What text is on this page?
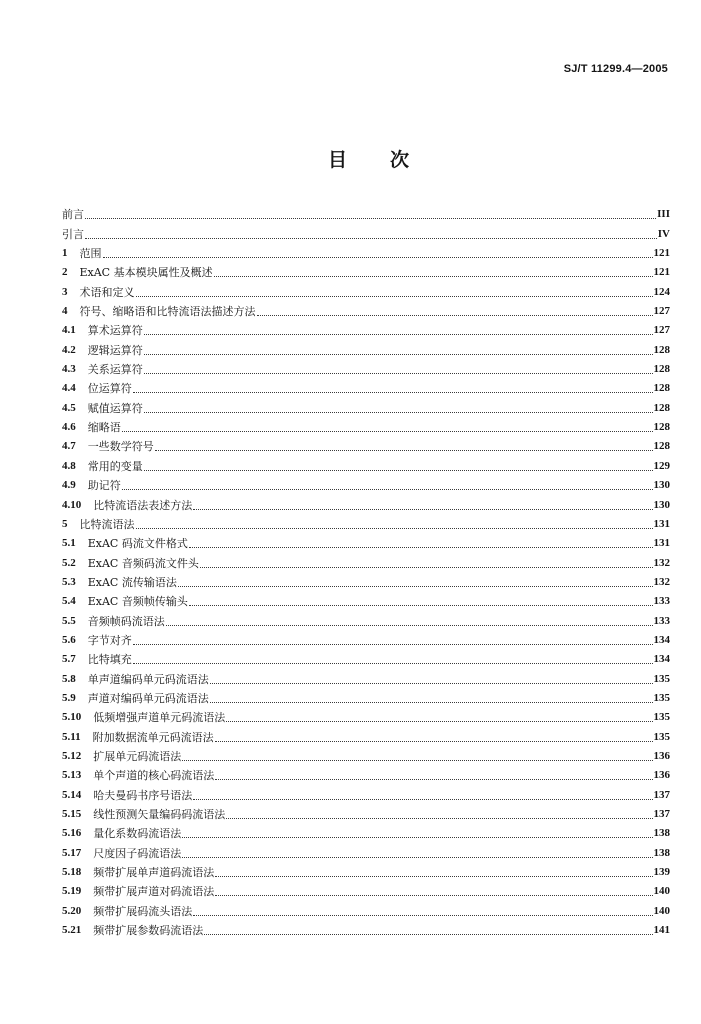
SJ/T 11299.4—2005
目　次
前言	III
引言	IV
1 范围	121
2 ExAC 基本模块属性及概述	121
3 术语和定义	124
4 符号、缩略语和比特流语法描述方法	127
4.1 算术运算符	127
4.2 逻辑运算符	128
4.3 关系运算符	128
4.4 位运算符	128
4.5 赋值运算符	128
4.6 缩略语	128
4.7 一些数学符号	128
4.8 常用的变量	129
4.9 助记符	130
4.10 比特流语法表述方法	130
5 比特流语法	131
5.1 ExAC 码流文件格式	131
5.2 ExAC 音频码流文件头	132
5.3 ExAC 流传输语法	132
5.4 ExAC 音频帧传输头	133
5.5 音频帧码流语法	133
5.6 字节对齐	134
5.7 比特填充	134
5.8 单声道编码单元码流语法	135
5.9 声道对编码单元码流语法	135
5.10 低频增强声道单元码流语法	135
5.11 附加数据流单元码流语法	135
5.12 扩展单元码流语法	136
5.13 单个声道的核心码流语法	136
5.14 哈夫曼码书序号语法	137
5.15 线性预测矢量编码码流语法	137
5.16 量化系数码流语法	138
5.17 尺度因子码流语法	138
5.18 频带扩展单声道码流语法	139
5.19 频带扩展声道对码流语法	140
5.20 频带扩展码流头语法	140
5.21 频带扩展参数码流语法	141
